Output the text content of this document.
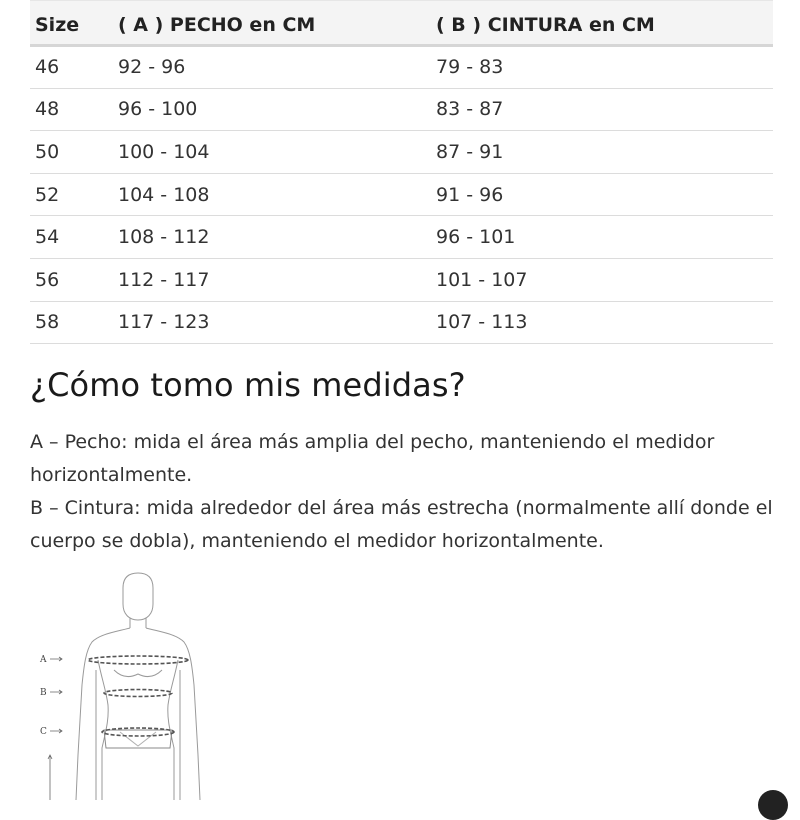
Size	( A ) PECHO en CM	( B ) CINTURA en CM
46	92 - 96	79 - 83
48	96 - 100	83 - 87
50	100 - 104	87 - 91
52	104 - 108	91 - 96
54	108 - 112	96 - 101
56	112 - 117	101 - 107
58	117 - 123	107 - 113
¿Cómo tomo mis medidas?

A – Pecho: mida el área más amplia del pecho, manteniendo el medidor horizontalmente.

B – Cintura: mida alrededor del área más estrecha (normalmente allí donde el cuerpo se dobla), manteniendo el medidor horizontalmente.

A
B
C
